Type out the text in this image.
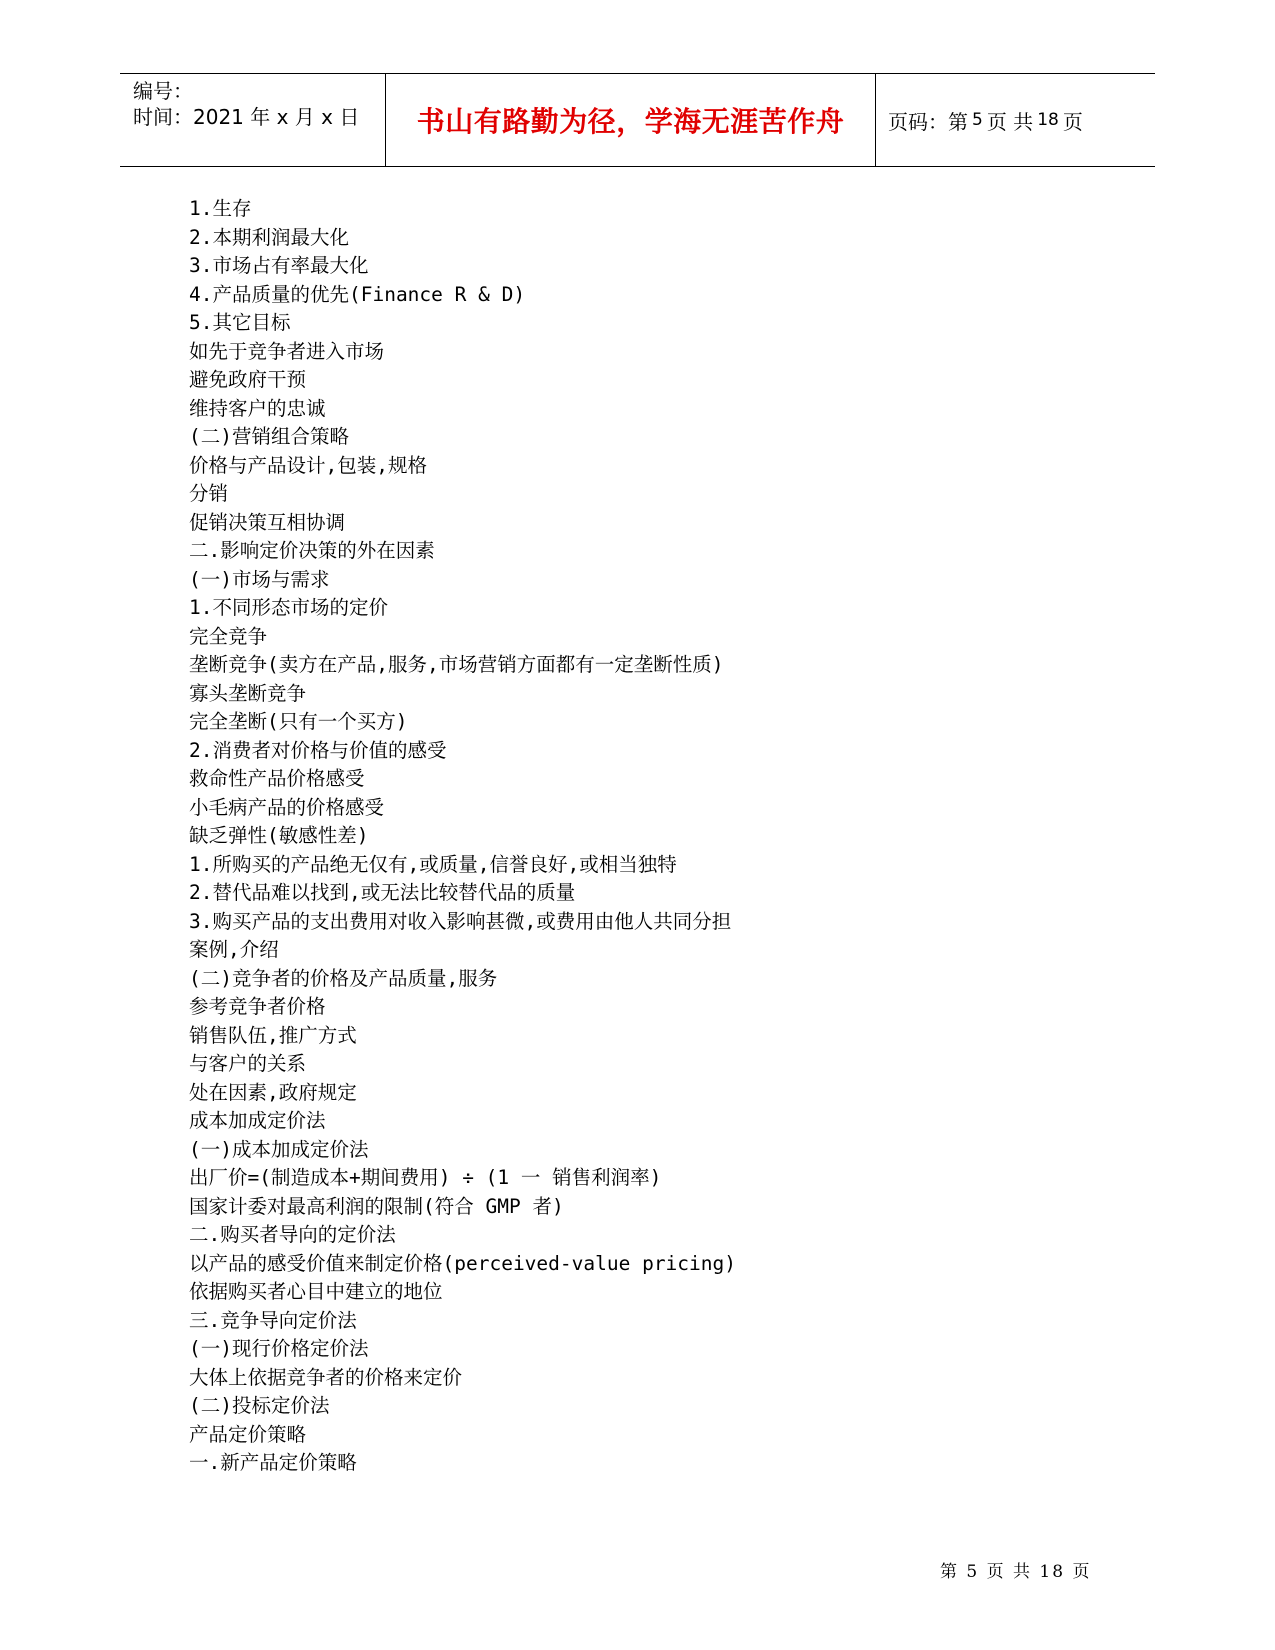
编号：
时间：2021 年 x 月 x 日	书山有路勤为径，学海无涯苦作舟 页码：第 5 页 共 18 页
1.生存
2.本期利润最大化
3.市场占有率最大化
4.产品质量的优先(Finance R & D)
5.其它目标
如先于竞争者进入市场
避免政府干预
维持客户的忠诚
(二)营销组合策略
价格与产品设计,包装,规格
分销
促销决策互相协调
二.影响定价决策的外在因素
(一)市场与需求
1.不同形态市场的定价
完全竞争
垄断竞争(卖方在产品,服务,市场营销方面都有一定垄断性质)
寡头垄断竞争
完全垄断(只有一个买方)
2.消费者对价格与价值的感受
救命性产品价格感受
小毛病产品的价格感受
缺乏弹性(敏感性差)
1.所购买的产品绝无仅有,或质量,信誉良好,或相当独特
2.替代品难以找到,或无法比较替代品的质量
3.购买产品的支出费用对收入影响甚微,或费用由他人共同分担
案例,介绍
(二)竞争者的价格及产品质量,服务
参考竞争者价格
销售队伍,推广方式
与客户的关系
处在因素,政府规定
成本加成定价法
(一)成本加成定价法
出厂价=(制造成本+期间费用) ÷ (1 一 销售利润率)
国家计委对最高利润的限制(符合 GMP 者)
二.购买者导向的定价法
以产品的感受价值来制定价格(perceived-value pricing)
依据购买者心目中建立的地位
三.竞争导向定价法
(一)现行价格定价法
大体上依据竞争者的价格来定价
(二)投标定价法
产品定价策略
一.新产品定价策略
第 5 页 共 18 页
